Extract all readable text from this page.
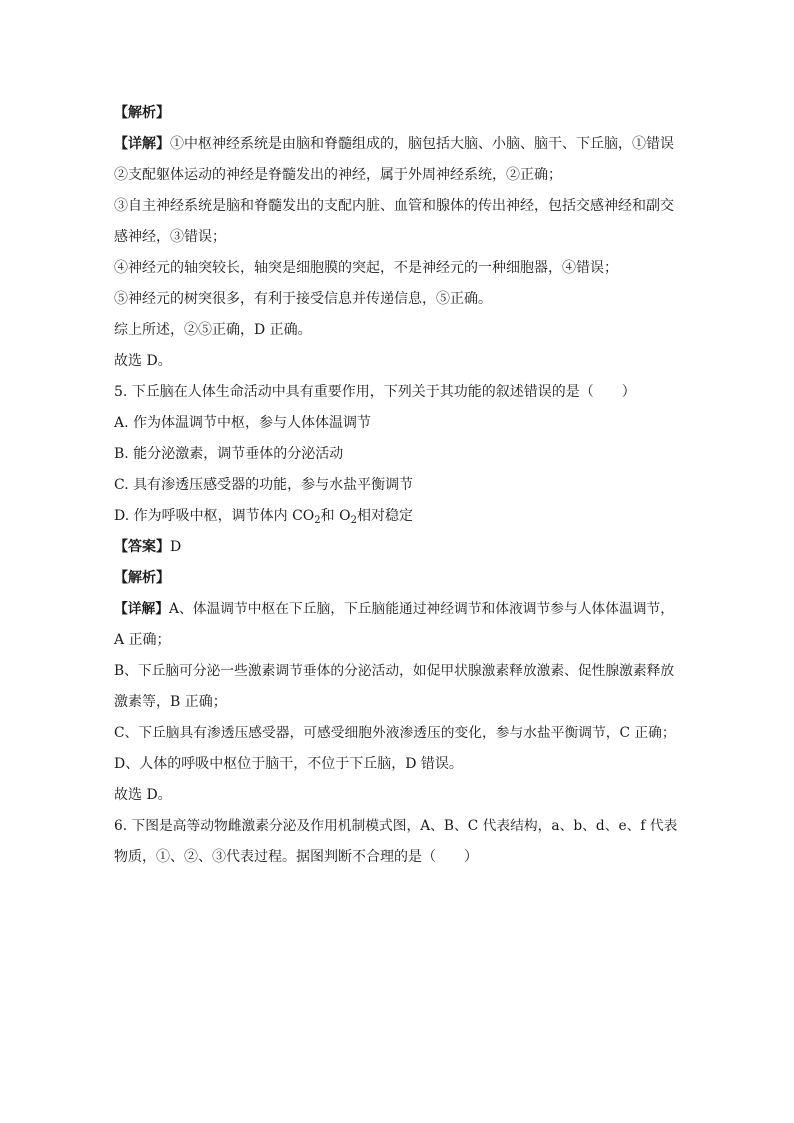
【解析】
【详解】①中枢神经系统是由脑和脊髓组成的，脑包括大脑、小脑、脑干、下丘脑，①错误
②支配躯体运动的神经是脊髓发出的神经，属于外周神经系统，②正确；
③自主神经系统是脑和脊髓发出的支配内脏、血管和腺体的传出神经，包括交感神经和副交
感神经，③错误；
④神经元的轴突较长，轴突是细胞膜的突起，不是神经元的一种细胞器，④错误；
⑤神经元的树突很多，有利于接受信息并传递信息，⑤正确。
综上所述，②⑤正确，D 正确。
故选 D。
5. 下丘脑在人体生命活动中具有重要作用，下列关于其功能的叙述错误的是（　　）
A. 作为体温调节中枢，参与人体体温调节
B. 能分泌激素，调节垂体的分泌活动
C. 具有渗透压感受器的功能，参与水盐平衡调节
D. 作为呼吸中枢，调节体内 $CO_2$和 $O_2$相对稳定
【答案】D
【解析】
【详解】A、体温调节中枢在下丘脑，下丘脑能通过神经调节和体液调节参与人体体温调节，
A 正确；
B、下丘脑可分泌一些激素调节垂体的分泌活动，如促甲状腺激素释放激素、促性腺激素释放
激素等，B 正确；
C、下丘脑具有渗透压感受器，可感受细胞外液渗透压的变化，参与水盐平衡调节，C 正确；
D、人体的呼吸中枢位于脑干，不位于下丘脑，D 错误。
故选 D。
6. 下图是高等动物雌激素分泌及作用机制模式图，A、B、C 代表结构，a、b、d、e、f 代表
物质，①、②、③代表过程。据图判断不合理的是（　　）
